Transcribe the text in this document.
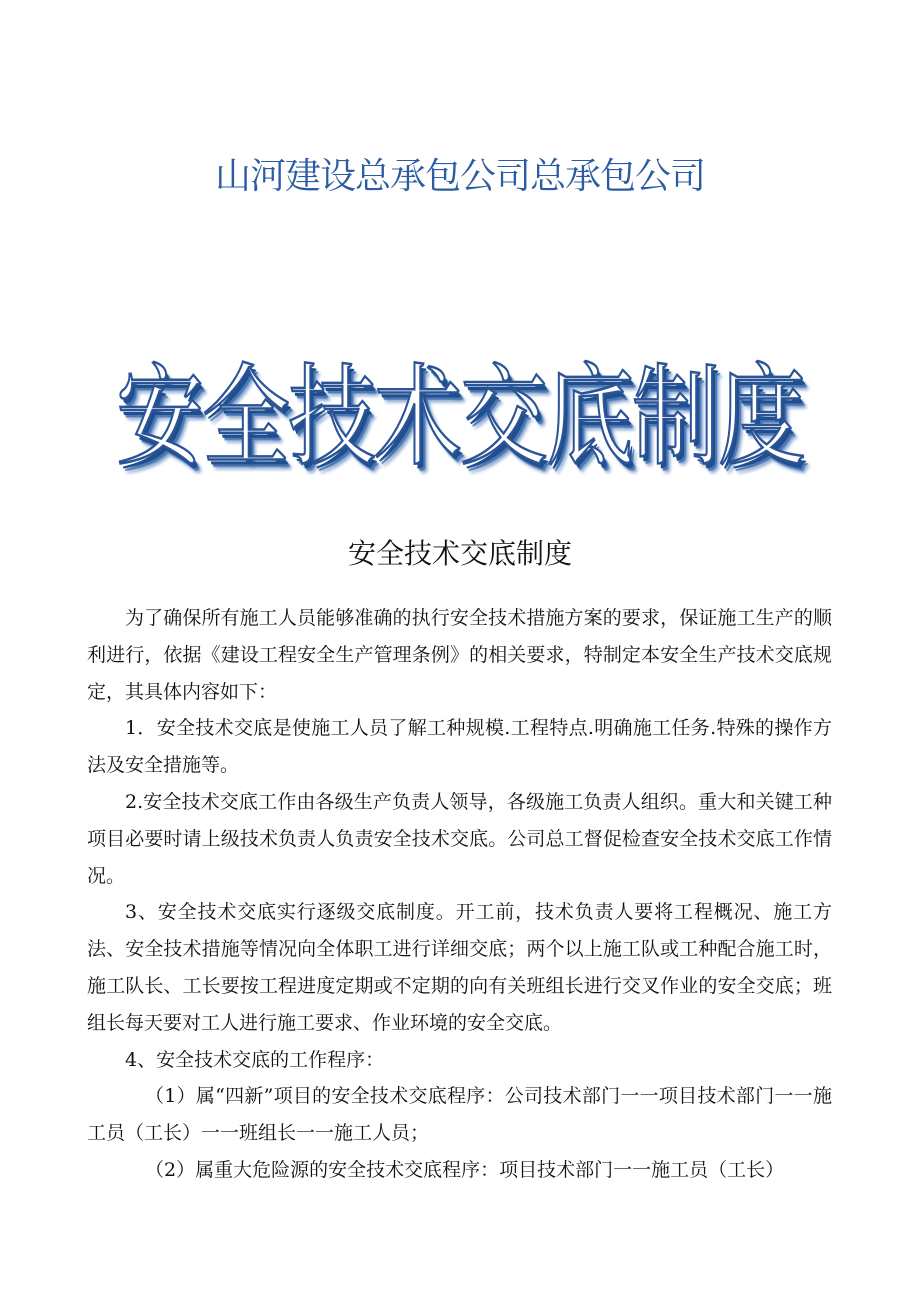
山河建设总承包公司总承包公司
安全技术交底制度
安全技术交底制度

为了确保所有施工人员能够准确的执行安全技术措施方案的要求，保证施工生产的顺利进行，依据《建设工程安全生产管理条例》的相关要求，特制定本安全生产技术交底规定，其具体内容如下：

1．安全技术交底是使施工人员了解工种规模.工程特点.明确施工任务.特殊的操作方法及安全措施等。

2.安全技术交底工作由各级生产负责人领导，各级施工负责人组织。重大和关键工种项目必要时请上级技术负责人负责安全技术交底。公司总工督促检查安全技术交底工作情况。

3、安全技术交底实行逐级交底制度。开工前，技术负责人要将工程概况、施工方法、安全技术措施等情况向全体职工进行详细交底；两个以上施工队或工种配合施工时，施工队长、工长要按工程进度定期或不定期的向有关班组长进行交叉作业的安全交底；班组长每天要对工人进行施工要求、作业环境的安全交底。

4、安全技术交底的工作程序：

（1）属“四新”项目的安全技术交底程序：公司技术部门一一项目技术部门一一施工员（工长）一一班组长一一施工人员；

（2）属重大危险源的安全技术交底程序：项目技术部门一一施工员（工长）
